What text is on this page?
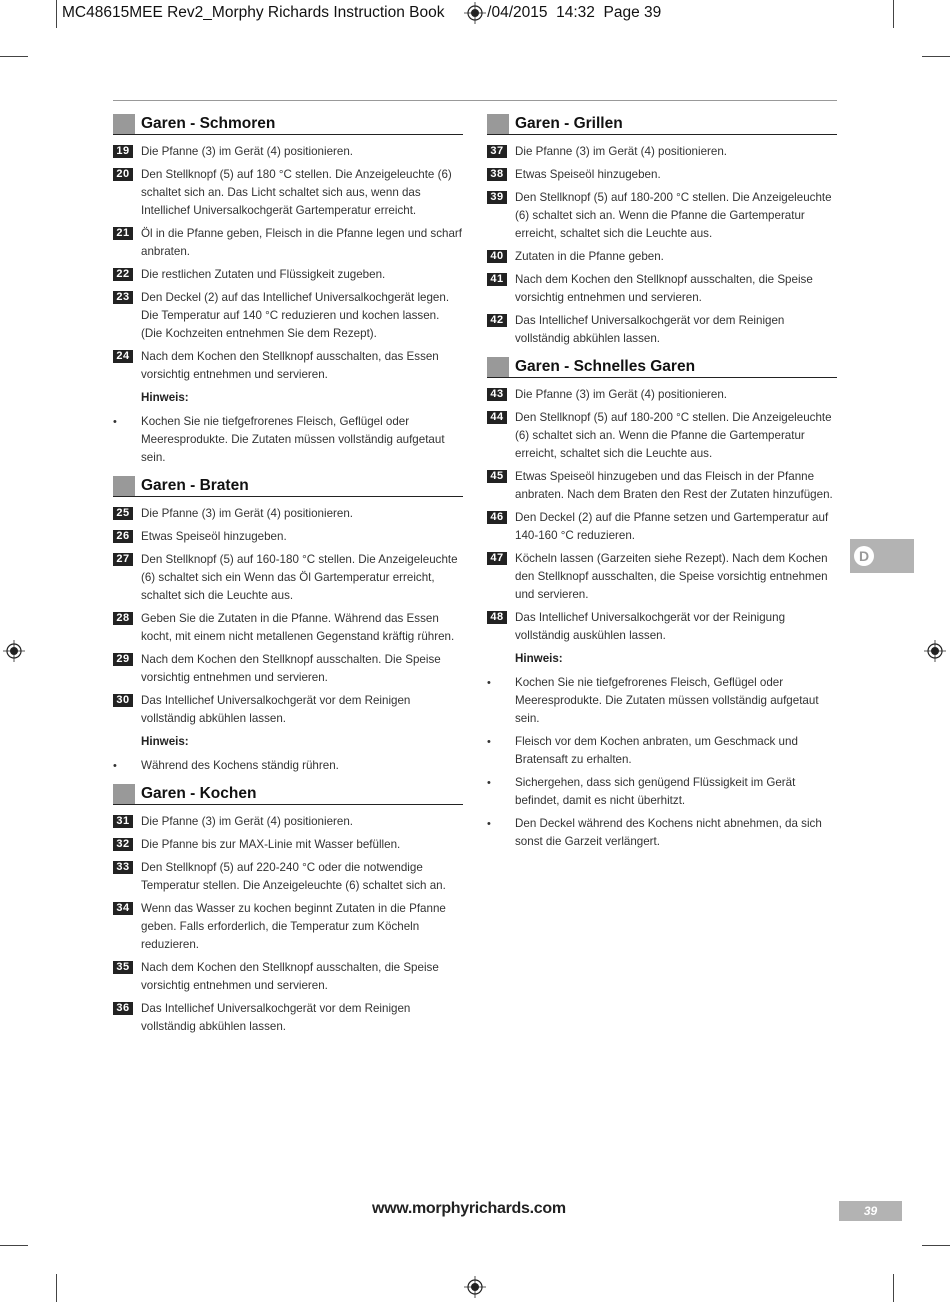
MC48615MEE Rev2_Morphy Richards Instruction Book	/04/2015 14:32 Page 39
Garen - Schmoren
19 Die Pfanne (3) im Gerät (4) positionieren.
20 Den Stellknopf (5) auf 180 °C stellen. Die Anzeigeleuchte (6) schaltet sich an. Das Licht schaltet sich aus, wenn das Intellichef Universalkochgerät Gartemperatur erreicht.
21 Öl in die Pfanne geben, Fleisch in die Pfanne legen und scharf anbraten.
22 Die restlichen Zutaten und Flüssigkeit zugeben.
23 Den Deckel (2) auf das Intellichef Universalkochgerät legen. Die Temperatur auf 140 °C reduzieren und kochen lassen. (Die Kochzeiten entnehmen Sie dem Rezept).
24 Nach dem Kochen den Stellknopf ausschalten, das Essen vorsichtig entnehmen und servieren.
Hinweis:
•	Kochen Sie nie tiefgefrorenes Fleisch, Geflügel oder Meeresprodukte. Die Zutaten müssen vollständig aufgetaut sein.
Garen - Braten
25 Die Pfanne (3) im Gerät (4) positionieren.
26 Etwas Speiseöl hinzugeben.
27 Den Stellknopf (5) auf 160-180 °C stellen. Die Anzeigeleuchte (6) schaltet sich ein Wenn das Öl Gartemperatur erreicht, schaltet sich die Leuchte aus.
28 Geben Sie die Zutaten in die Pfanne. Während das Essen kocht, mit einem nicht metallenen Gegenstand kräftig rühren.
29 Nach dem Kochen den Stellknopf ausschalten. Die Speise vorsichtig entnehmen und servieren.
30 Das Intellichef Universalkochgerät vor dem Reinigen vollständig abkühlen lassen.
Hinweis:
•	Während des Kochens ständig rühren.
Garen - Kochen
31 Die Pfanne (3) im Gerät (4) positionieren.
32 Die Pfanne bis zur MAX-Linie mit Wasser befüllen.
33 Den Stellknopf (5) auf 220-240 °C oder die notwendige Temperatur stellen. Die Anzeigeleuchte (6) schaltet sich an.
34 Wenn das Wasser zu kochen beginnt Zutaten in die Pfanne geben. Falls erforderlich, die Temperatur zum Köcheln reduzieren.
35 Nach dem Kochen den Stellknopf ausschalten, die Speise vorsichtig entnehmen und servieren.
36 Das Intellichef Universalkochgerät vor dem Reinigen vollständig abkühlen lassen.
Garen - Grillen
37 Die Pfanne (3) im Gerät (4) positionieren.
38 Etwas Speiseöl hinzugeben.
39 Den Stellknopf (5) auf 180-200 °C stellen. Die Anzeigeleuchte (6) schaltet sich an. Wenn die Pfanne die Gartemperatur erreicht, schaltet sich die Leuchte aus.
40 Zutaten in die Pfanne geben.
41 Nach dem Kochen den Stellknopf ausschalten, die Speise vorsichtig entnehmen und servieren.
42 Das Intellichef Universalkochgerät vor dem Reinigen vollständig abkühlen lassen.
Garen - Schnelles Garen
43 Die Pfanne (3) im Gerät (4) positionieren.
44 Den Stellknopf (5) auf 180-200 °C stellen. Die Anzeigeleuchte (6) schaltet sich an. Wenn die Pfanne die Gartemperatur erreicht, schaltet sich die Leuchte aus.
45 Etwas Speiseöl hinzugeben und das Fleisch in der Pfanne anbraten. Nach dem Braten den Rest der Zutaten hinzufügen.
46 Den Deckel (2) auf die Pfanne setzen und Gartemperatur auf 140-160 °C reduzieren.
47 Köcheln lassen (Garzeiten siehe Rezept). Nach dem Kochen den Stellknopf ausschalten, die Speise vorsichtig entnehmen und servieren.
48 Das Intellichef Universalkochgerät vor der Reinigung vollständig auskühlen lassen.
Hinweis:
•	Kochen Sie nie tiefgefrorenes Fleisch, Geflügel oder Meeresprodukte. Die Zutaten müssen vollständig aufgetaut sein.
•	Fleisch vor dem Kochen anbraten, um Geschmack und Bratensaft zu erhalten.
•	Sichergehen, dass sich genügend Flüssigkeit im Gerät befindet, damit es nicht überhitzt.
•	Den Deckel während des Kochens nicht abnehmen, da sich sonst die Garzeit verlängert.
D
www.morphyrichards.com	39
